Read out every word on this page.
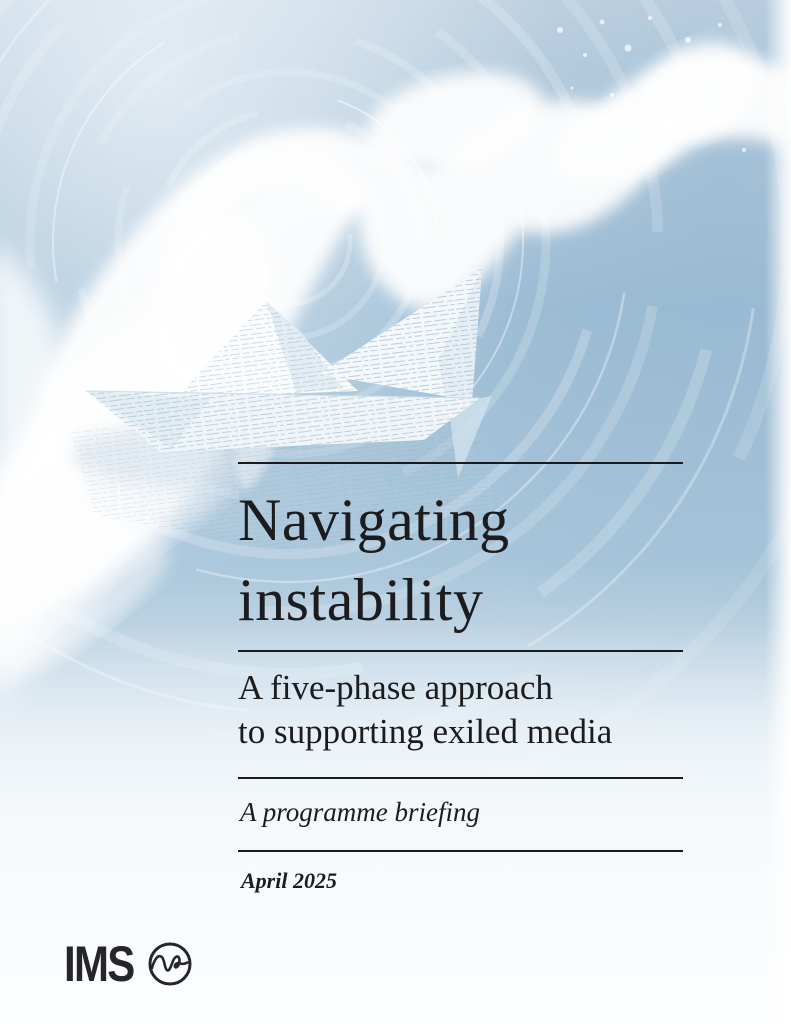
Navigating
instability
A five-phase approach
to supporting exiled media

A programme briefing

April 2025

IMS
